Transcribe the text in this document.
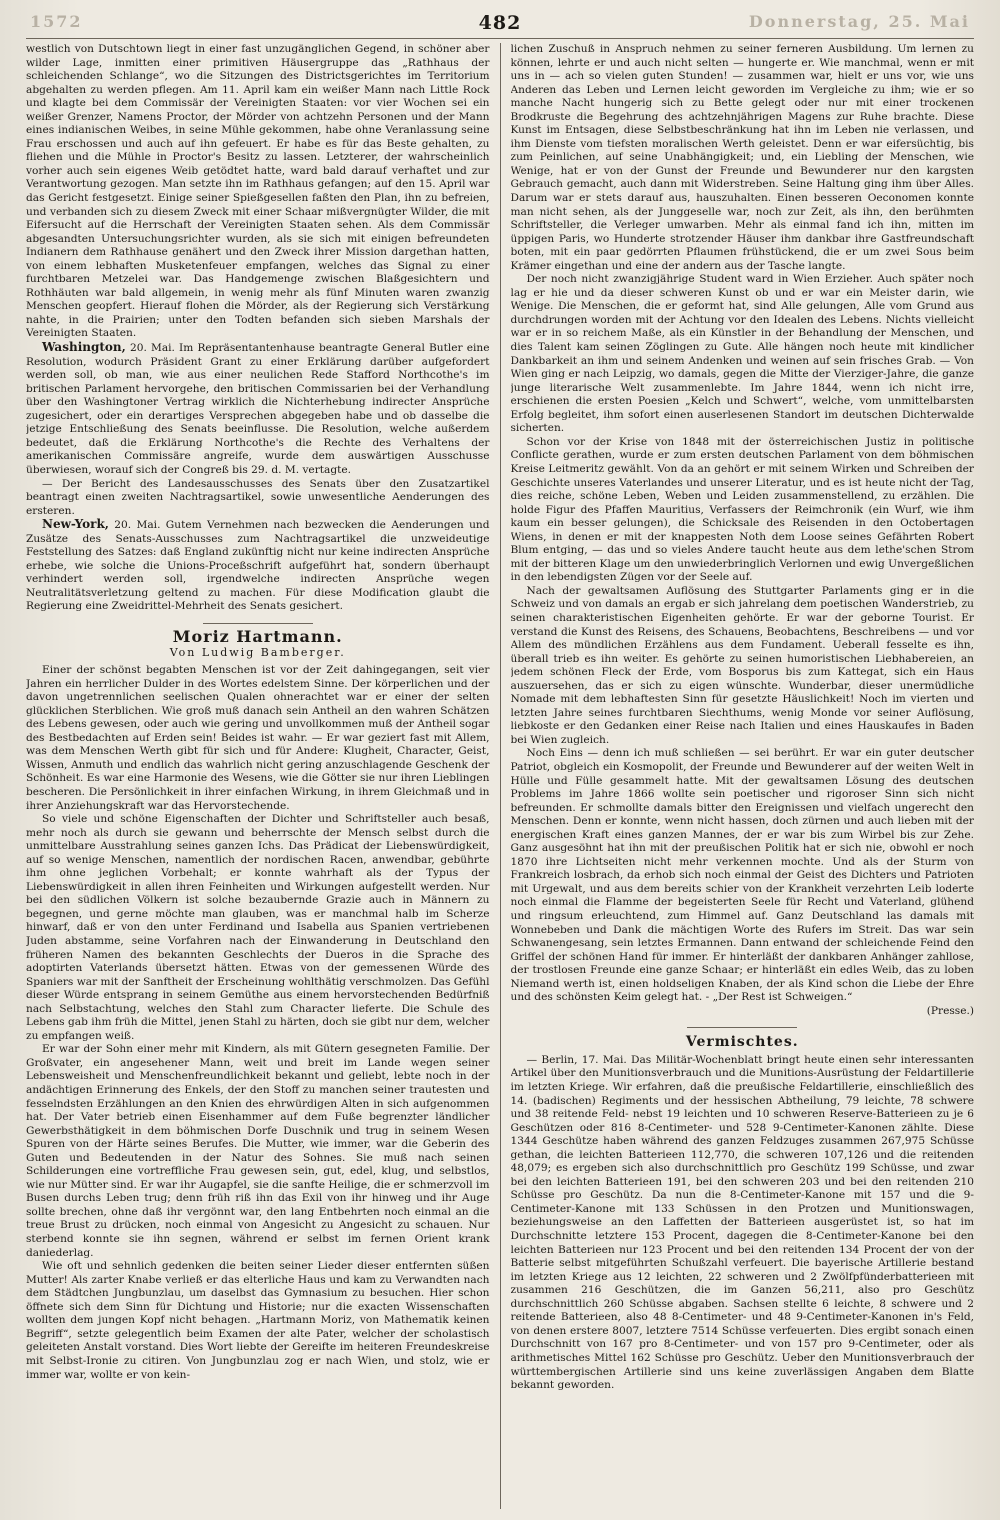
1572	482	Donnerstag, 25. Mai

westlich von Dutschtown liegt in einer fast unzugänglichen Gegend, in schöner aber wilder Lage, inmitten einer primitiven Häusergruppe das „Rathhaus der schleichenden Schlange“, wo die Sitzungen des Districtsgerichtes im Territorium abgehalten zu werden pflegen. Am 11. April kam ein weißer Mann nach Little Rock und klagte bei dem Commissär der Vereinigten Staaten: vor vier Wochen sei ein weißer Grenzer, Namens Proctor, der Mörder von achtzehn Personen und der Mann eines indianischen Weibes, in seine Mühle gekommen, habe ohne Veranlassung seine Frau erschossen und auch auf ihn gefeuert. Er habe es für das Beste gehalten, zu fliehen und die Mühle in Proctor's Besitz zu lassen. Letzterer, der wahrscheinlich vorher auch sein eigenes Weib getödtet hatte, ward bald darauf verhaftet und zur Verantwortung gezogen. Man setzte ihn im Rathhaus gefangen; auf den 15. April war das Gericht festgesetzt. Einige seiner Spießgesellen faßten den Plan, ihn zu befreien, und verbanden sich zu diesem Zweck mit einer Schaar mißvergnügter Wilder, die mit Eifersucht auf die Herrschaft der Vereinigten Staaten sehen. Als dem Commissär abgesandten Untersuchungsrichter wurden, als sie sich mit einigen befreundeten Indianern dem Rathhause genähert und den Zweck ihrer Mission dargethan hatten, von einem lebhaften Musketenfeuer empfangen, welches das Signal zu einer furchtbaren Metzelei war. Das Handgemenge zwischen Blaßgesichtern und Rothhäuten war bald allgemein, in wenig mehr als fünf Minuten waren zwanzig Menschen geopfert. Hierauf flohen die Mörder, als der Regierung sich Verstärkung nahte, in die Prairien; unter den Todten befanden sich sieben Marshals der Vereinigten Staaten.

Washington, 20. Mai. Im Repräsentantenhause beantragte General Butler eine Resolution, wodurch Präsident Grant zu einer Erklärung darüber aufgefordert werden soll, ob man, wie aus einer neulichen Rede Stafford Northcothe's im britischen Parlament hervorgehe, den britischen Commissarien bei der Verhandlung über den Washingtoner Vertrag wirklich die Nichterhebung indirecter Ansprüche zugesichert, oder ein derartiges Versprechen abgegeben habe und ob dasselbe die jetzige Entschließung des Senats beeinflusse. Die Resolution, welche außerdem bedeutet, daß die Erklärung Northcothe's die Rechte des Verhaltens der amerikanischen Commissäre angreife, wurde dem auswärtigen Ausschusse überwiesen, worauf sich der Congreß bis 29. d. M. vertagte.

— Der Bericht des Landesausschusses des Senats über den Zusatzartikel beantragt einen zweiten Nachtragsartikel, sowie unwesentliche Aenderungen des ersteren.

New-York, 20. Mai. Gutem Vernehmen nach bezwecken die Aenderungen und Zusätze des Senats-Ausschusses zum Nachtragsartikel die unzweideutige Feststellung des Satzes: daß England zukünftig nicht nur keine indirecten Ansprüche erhebe, wie solche die Unions-Proceßschrift aufgeführt hat, sondern überhaupt verhindert werden soll, irgendwelche indirecten Ansprüche wegen Neutralitätsverletzung geltend zu machen. Für diese Modification glaubt die Regierung eine Zweidrittel-Mehrheit des Senats gesichert.

Moriz Hartmann.
Von Ludwig Bamberger.

Einer der schönst begabten Menschen ist vor der Zeit dahingegangen, seit vier Jahren ein herrlicher Dulder in des Wortes edelstem Sinne. Der körperlichen und der davon ungetrennlichen seelischen Qualen ohnerachtet war er einer der selten glücklichen Sterblichen. Wie groß muß danach sein Antheil an den wahren Schätzen des Lebens gewesen, oder auch wie gering und unvollkommen muß der Antheil sogar des Bestbedachten auf Erden sein! Beides ist wahr. — Er war geziert fast mit Allem, was dem Menschen Werth gibt für sich und für Andere: Klugheit, Character, Geist, Wissen, Anmuth und endlich das wahrlich nicht gering anzuschlagende Geschenk der Schönheit. Es war eine Harmonie des Wesens, wie die Götter sie nur ihren Lieblingen bescheren. Die Persönlichkeit in ihrer einfachen Wirkung, in ihrem Gleichmaß und in ihrer Anziehungskraft war das Hervorstechende.

So viele und schöne Eigenschaften der Dichter und Schriftsteller auch besaß, mehr noch als durch sie gewann und beherrschte der Mensch selbst durch die unmittelbare Ausstrahlung seines ganzen Ichs. Das Prädicat der Liebenswürdigkeit, auf so wenige Menschen, namentlich der nordischen Racen, anwendbar, gebührte ihm ohne jeglichen Vorbehalt; er konnte wahrhaft als der Typus der Liebenswürdigkeit in allen ihren Feinheiten und Wirkungen aufgestellt werden. Nur bei den südlichen Völkern ist solche bezaubernde Grazie auch in Männern zu begegnen, und gerne möchte man glauben, was er manchmal halb im Scherze hinwarf, daß er von den unter Ferdinand und Isabella aus Spanien vertriebenen Juden abstamme, seine Vorfahren nach der Einwanderung in Deutschland den früheren Namen des bekannten Geschlechts der Dueros in die Sprache des adoptirten Vaterlands übersetzt hätten. Etwas von der gemessenen Würde des Spaniers war mit der Sanftheit der Erscheinung wohlthätig verschmolzen. Das Gefühl dieser Würde entsprang in seinem Gemüthe aus einem hervorstechenden Bedürfniß nach Selbstachtung, welches den Stahl zum Character lieferte. Die Schule des Lebens gab ihm früh die Mittel, jenen Stahl zu härten, doch sie gibt nur dem, welcher zu empfangen weiß.

Er war der Sohn einer mehr mit Kindern, als mit Gütern gesegneten Familie. Der Großvater, ein angesehener Mann, weit und breit im Lande wegen seiner Lebensweisheit und Menschenfreundlichkeit bekannt und geliebt, lebte noch in der andächtigen Erinnerung des Enkels, der den Stoff zu manchen seiner trautesten und fesselndsten Erzählungen an den Knien des ehrwürdigen Alten in sich aufgenommen hat. Der Vater betrieb einen Eisenhammer auf dem Fuße begrenzter ländlicher Gewerbsthätigkeit in dem böhmischen Dorfe Duschnik und trug in seinem Wesen Spuren von der Härte seines Berufes. Die Mutter, wie immer, war die Geberin des Guten und Bedeutenden in der Natur des Sohnes. Sie muß nach seinen Schilderungen eine vortreffliche Frau gewesen sein, gut, edel, klug, und selbstlos, wie nur Mütter sind. Er war ihr Augapfel, sie die sanfte Heilige, die er schmerzvoll im Busen durchs Leben trug; denn früh riß ihn das Exil von ihr hinweg und ihr Auge sollte brechen, ohne daß ihr vergönnt war, den lang Entbehrten noch einmal an die treue Brust zu drücken, noch einmal von Angesicht zu Angesicht zu schauen. Nur sterbend konnte sie ihn segnen, während er selbst im fernen Orient krank daniederlag.

Wie oft und sehnlich gedenken die beiten seiner Lieder dieser entfernten süßen Mutter! Als zarter Knabe verließ er das elterliche Haus und kam zu Verwandten nach dem Städtchen Jungbunzlau, um daselbst das Gymnasium zu besuchen. Hier schon öffnete sich dem Sinn für Dichtung und Historie; nur die exacten Wissenschaften wollten dem jungen Kopf nicht behagen. „Hartmann Moriz, von Mathematik keinen Begriff“, setzte gelegentlich beim Examen der alte Pater, welcher der scholastisch geleiteten Anstalt vorstand. Dies Wort liebte der Gereifte im heiteren Freundeskreise mit Selbst-Ironie zu citiren. Von Jungbunzlau zog er nach Wien, und stolz, wie er immer war, wollte er von kein-

lichen Zuschuß in Anspruch nehmen zu seiner ferneren Ausbildung. Um lernen zu können, lehrte er und auch nicht selten — hungerte er. Wie manchmal, wenn er mit uns in — ach so vielen guten Stunden! — zusammen war, hielt er uns vor, wie uns Anderen das Leben und Lernen leicht geworden im Vergleiche zu ihm; wie er so manche Nacht hungerig sich zu Bette gelegt oder nur mit einer trockenen Brodkruste die Begehrung des achtzehnjährigen Magens zur Ruhe brachte. Diese Kunst im Entsagen, diese Selbstbeschränkung hat ihn im Leben nie verlassen, und ihm Dienste vom tiefsten moralischen Werth geleistet. Denn er war eifersüchtig, bis zum Peinlichen, auf seine Unabhängigkeit; und, ein Liebling der Menschen, wie Wenige, hat er von der Gunst der Freunde und Bewunderer nur den kargsten Gebrauch gemacht, auch dann mit Widerstreben. Seine Haltung ging ihm über Alles. Darum war er stets darauf aus, hauszuhalten. Einen besseren Oeconomen konnte man nicht sehen, als der Junggeselle war, noch zur Zeit, als ihn, den berühmten Schriftsteller, die Verleger umwarben. Mehr als einmal fand ich ihn, mitten im üppigen Paris, wo Hunderte strotzender Häuser ihm dankbar ihre Gastfreundschaft boten, mit ein paar gedörrten Pflaumen frühstückend, die er um zwei Sous beim Krämer eingethan und eine der andern aus der Tasche langte.

Der noch nicht zwanzigjährige Student ward in Wien Erzieher. Auch später noch lag er hie und da dieser schweren Kunst ob und er war ein Meister darin, wie Wenige. Die Menschen, die er geformt hat, sind Alle gelungen, Alle vom Grund aus durchdrungen worden mit der Achtung vor den Idealen des Lebens. Nichts vielleicht war er in so reichem Maße, als ein Künstler in der Behandlung der Menschen, und dies Talent kam seinen Zöglingen zu Gute. Alle hängen noch heute mit kindlicher Dankbarkeit an ihm und seinem Andenken und weinen auf sein frisches Grab. — Von Wien ging er nach Leipzig, wo damals, gegen die Mitte der Vierziger-Jahre, die ganze junge literarische Welt zusammenlebte. Im Jahre 1844, wenn ich nicht irre, erschienen die ersten Poesien „Kelch und Schwert“, welche, vom unmittelbarsten Erfolg begleitet, ihm sofort einen auserlesenen Standort im deutschen Dichterwalde sicherten.

Schon vor der Krise von 1848 mit der österreichischen Justiz in politische Conflicte gerathen, wurde er zum ersten deutschen Parlament von dem böhmischen Kreise Leitmeritz gewählt. Von da an gehört er mit seinem Wirken und Schreiben der Geschichte unseres Vaterlandes und unserer Literatur, und es ist heute nicht der Tag, dies reiche, schöne Leben, Weben und Leiden zusammenstellend, zu erzählen. Die holde Figur des Pfaffen Mauritius, Verfassers der Reimchronik (ein Wurf, wie ihm kaum ein besser gelungen), die Schicksale des Reisenden in den Octobertagen Wiens, in denen er mit der knappesten Noth dem Loose seines Gefährten Robert Blum entging, — das und so vieles Andere taucht heute aus dem lethe'schen Strom mit der bitteren Klage um den unwiederbringlich Verlornen und ewig Unvergeßlichen in den lebendigsten Zügen vor der Seele auf.

Nach der gewaltsamen Auflösung des Stuttgarter Parlaments ging er in die Schweiz und von damals an ergab er sich jahrelang dem poetischen Wanderstrieb, zu seinen charakteristischen Eigenheiten gehörte. Er war der geborne Tourist. Er verstand die Kunst des Reisens, des Schauens, Beobachtens, Beschreibens — und vor Allem des mündlichen Erzählens aus dem Fundament. Ueberall fesselte es ihn, überall trieb es ihn weiter. Es gehörte zu seinen humoristischen Liebhabereien, an jedem schönen Fleck der Erde, vom Bosporus bis zum Kattegat, sich ein Haus auszuersehen, das er sich zu eigen wünschte. Wunderbar, dieser unermüdliche Nomade mit dem lebhaftesten Sinn für gesetzte Häuslichkeit! Noch im vierten und letzten Jahre seines furchtbaren Siechthums, wenig Monde vor seiner Auflösung, liebkoste er den Gedanken einer Reise nach Italien und eines Hauskaufes in Baden bei Wien zugleich.

Noch Eins — denn ich muß schließen — sei berührt. Er war ein guter deutscher Patriot, obgleich ein Kosmopolit, der Freunde und Bewunderer auf der weiten Welt in Hülle und Fülle gesammelt hatte. Mit der gewaltsamen Lösung des deutschen Problems im Jahre 1866 wollte sein poetischer und rigoroser Sinn sich nicht befreunden. Er schmollte damals bitter den Ereignissen und vielfach ungerecht den Menschen. Denn er konnte, wenn nicht hassen, doch zürnen und auch lieben mit der energischen Kraft eines ganzen Mannes, der er war bis zum Wirbel bis zur Zehe. Ganz ausgesöhnt hat ihn mit der preußischen Politik hat er sich nie, obwohl er noch 1870 ihre Lichtseiten nicht mehr verkennen mochte. Und als der Sturm von Frankreich losbrach, da erhob sich noch einmal der Geist des Dichters und Patrioten mit Urgewalt, und aus dem bereits schier von der Krankheit verzehrten Leib loderte noch einmal die Flamme der begeisterten Seele für Recht und Vaterland, glühend und ringsum erleuchtend, zum Himmel auf. Ganz Deutschland las damals mit Wonnebeben und Dank die mächtigen Worte des Rufers im Streit. Das war sein Schwanengesang, sein letztes Ermannen. Dann entwand der schleichende Feind den Griffel der schönen Hand für immer. Er hinterläßt der dankbaren Anhänger zahllose, der trostlosen Freunde eine ganze Schaar; er hinterläßt ein edles Weib, das zu loben Niemand werth ist, einen holdseligen Knaben, der als Kind schon die Liebe der Ehre und des schönsten Keim gelegt hat. - „Der Rest ist Schweigen.“

(Presse.)
Vermischtes.

— Berlin, 17. Mai. Das Militär-Wochenblatt bringt heute einen sehr interessanten Artikel über den Munitionsverbrauch und die Munitions-Ausrüstung der Feldartillerie im letzten Kriege. Wir erfahren, daß die preußische Feldartillerie, einschließlich des 14. (badischen) Regiments und der hessischen Abtheilung, 79 leichte, 78 schwere und 38 reitende Feld- nebst 19 leichten und 10 schweren Reserve-Batterieen zu je 6 Geschützen oder 816 8-Centimeter- und 528 9-Centimeter-Kanonen zählte. Diese 1344 Geschütze haben während des ganzen Feldzuges zusammen 267,975 Schüsse gethan, die leichten Batterieen 112,770, die schweren 107,126 und die reitenden 48,079; es ergeben sich also durchschnittlich pro Geschütz 199 Schüsse, und zwar bei den leichten Batterieen 191, bei den schweren 203 und bei den reitenden 210 Schüsse pro Geschütz. Da nun die 8-Centimeter-Kanone mit 157 und die 9-Centimeter-Kanone mit 133 Schüssen in den Protzen und Munitionswagen, beziehungsweise an den Laffetten der Batterieen ausgerüstet ist, so hat im Durchschnitte letztere 153 Procent, dagegen die 8-Centimeter-Kanone bei den leichten Batterieen nur 123 Procent und bei den reitenden 134 Procent der von der Batterie selbst mitgeführten Schußzahl verfeuert. Die bayerische Artillerie bestand im letzten Kriege aus 12 leichten, 22 schweren und 2 Zwölfpfünderbatterieen mit zusammen 216 Geschützen, die im Ganzen 56,211, also pro Geschütz durchschnittlich 260 Schüsse abgaben. Sachsen stellte 6 leichte, 8 schwere und 2 reitende Batterieen, also 48 8-Centimeter- und 48 9-Centimeter-Kanonen in's Feld, von denen erstere 8007, letztere 7514 Schüsse verfeuerten. Dies ergibt sonach einen Durchschnitt von 167 pro 8-Centimeter- und von 157 pro 9-Centimeter, oder als arithmetisches Mittel 162 Schüsse pro Geschütz. Ueber den Munitionsverbrauch der württembergischen Artillerie sind uns keine zuverlässigen Angaben dem Blatte bekannt geworden.
